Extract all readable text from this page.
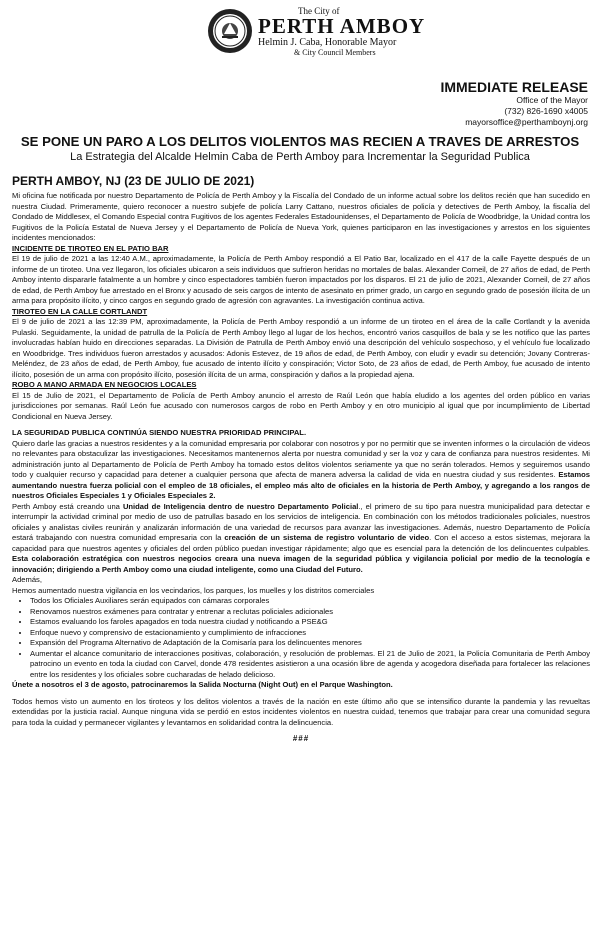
The City of
PERTH AMBOY
Helmin J. Caba, Honorable Mayor
& City Council Members
IMMEDIATE RELEASE
Office of the Mayor
(732) 826-1690 x4005
mayorsoffice@perthamboynj.org
SE PONE UN PARO A LOS DELITOS VIOLENTOS MAS RECIEN A TRAVES DE ARRESTOS
La Estrategia del Alcalde Helmin Caba de Perth Amboy para Incrementar la Seguridad Publica
PERTH AMBOY, NJ (23 DE JULIO DE 2021)

Mi oficina fue notificada por nuestro Departamento de Policía de Perth Amboy y la Fiscalía del Condado de un informe actual sobre los delitos recién que han sucedido en nuestra Ciudad. Primeramente, quiero reconocer a nuestro subjefe de policía Larry Cattano, nuestros oficiales de policía y detectives de Perth Amboy, la fiscalía del Condado de Middlesex, el Comando Especial contra Fugitivos de los agentes Federales Estadounidenses, el Departamento de Policía de Woodbridge, la Unidad contra los Fugitivos de la Policía Estatal de Nueva Jersey y el Departamento de Policía de Nueva York, quienes participaron en las investigaciones y arrestos en los siguientes incidentes mencionados:

INCIDENTE DE TIROTEO EN EL PATIO BAR

El 19 de julio de 2021 a las 12:40 A.M., aproximadamente, la Policía de Perth Amboy respondió a El Patio Bar, localizado en el 417 de la calle Fayette después de un informe de un tiroteo. Una vez llegaron, los oficiales ubicaron a seis individuos que sufrieron heridas no mortales de balas. Alexander Corneil, de 27 años de edad, de Perth Amboy intento dispararle fatalmente a un hombre y cinco espectadores también fueron impactados por los disparos. El 21 de julio de 2021, Alexander Corneil, de 27 años de edad, de Perth Amboy fue arrestado en el Bronx y acusado de seis cargos de intento de asesinato en primer grado, un cargo en segundo grado de posesión ilícita de un arma para propósito ilícito, y cinco cargos en segundo grado de agresión con agravantes. La investigación continua activa.

TIROTEO EN LA CALLE CORTLANDT

El 9 de julio de 2021 a las 12:39 PM, aproximadamente, la Policía de Perth Amboy respondió a un informe de un tiroteo en el área de la calle Cortlandt y la avenida Pulaski. Seguidamente, la unidad de patrulla de la Policía de Perth Amboy llego al lugar de los hechos, encontró varios casquillos de bala y se les notifico que las partes involucradas habían huido en direcciones separadas. La División de Patrulla de Perth Amboy envió una descripción del vehículo sospechoso, y el vehículo fue localizado en Woodbridge. Tres individuos fueron arrestados y acusados: Adonis Estevez, de 19 años de edad, de Perth Amboy, con eludir y evadir su detención; Jovany Contreras-Meléndez, de 23 años de edad, de Perth Amboy, fue acusado de intento ilícito y conspiración; Victor Soto, de 23 años de edad, de Perth Amboy, fue acusado de intento ilícito, posesión de un arma con propósito ilícito, posesión ilícita de un arma, conspiración y daños a la propiedad ajena.

ROBO A MANO ARMADA EN NEGOCIOS LOCALES

El 15 de Julio de 2021, el Departamento de Policía de Perth Amboy anuncio el arresto de Raúl León que había eludido a los agentes del orden público en varias jurisdicciones por semanas. Raúl León fue acusado con numerosos cargos de robo en Perth Amboy y en otro municipio al igual que por incumplimiento de Libertad Condicional en Nueva Jersey.

LA SEGURIDAD PUBLICA CONTINÚA SIENDO NUESTRA PRIORIDAD PRINCIPAL.

Quiero darle las gracias a nuestros residentes y a la comunidad empresaria por colaborar con nosotros y por no permitir que se inventen informes o la circulación de videos no relevantes para obstaculizar las investigaciones. Necesitamos mantenernos alerta por nuestra comunidad y ser la voz y cara de confianza para nuestros residentes. Mi administración junto al Departamento de Policía de Perth Amboy ha tomado estos delitos violentos seriamente ya que no serán tolerados. Hemos y seguiremos usando todo y cualquier recurso y capacidad para detener a cualquier persona que afecta de manera adversa la calidad de vida en nuestra ciudad y sus residentes. Estamos aumentando nuestra fuerza policial con el empleo de 18 oficiales, el empleo más alto de oficiales en la historia de Perth Amboy, y agregando a los rangos de nuestros Oficiales Especiales 1 y Oficiales Especiales 2.

Perth Amboy está creando una Unidad de Inteligencia dentro de nuestro Departamento Policial., el primero de su tipo para nuestra municipalidad para detectar e interrumpir la actividad criminal por medio de uso de patrullas basado en los servicios de inteligencia. En combinación con los métodos tradicionales policiales, nuestros oficiales y analistas civiles reunirán y analizarán información de una variedad de recursos para avanzar las investigaciones. Además, nuestro Departamento de Policía estará trabajando con nuestra comunidad empresaria con la creación de un sistema de registro voluntario de video. Con el acceso a estos sistemas, mejorara la capacidad para que nuestros agentes y oficiales del orden público puedan investigar rápidamente; algo que es esencial para la detención de los delincuentes culpables. Esta colaboración estratégica con nuestros negocios creara una nueva imagen de la seguridad pública y vigilancia policial por medio de la tecnología e innovación; dirigiendo a Perth Amboy como una ciudad inteligente, como una Ciudad del Futuro.

Además,

Hemos aumentado nuestra vigilancia en los vecindarios, los parques, los muelles y los distritos comerciales

• Todos los Oficiales Auxiliares serán equipados con cámaras corporales
• Renovamos nuestros exámenes para contratar y entrenar a reclutas policiales adicionales
• Estamos evaluando los faroles apagados en toda nuestra ciudad y notificando a PSE&G
• Enfoque nuevo y comprensivo de estacionamiento y cumplimiento de infracciones
• Expansión del Programa Alternativo de Adaptación de la Comisaría para los delincuentes menores
• Aumentar el alcance comunitario de interacciones positivas, colaboración, y resolución de problemas. El 21 de Julio de 2021, la Policía Comunitaria de Perth Amboy patrocino un evento en toda la ciudad con Carvel, donde 478 residentes asistieron a una ocasión libre de agenda y acogedora diseñada para fortalecer las relaciones entre los residentes y los oficiales sobre cucharadas de helado delicioso.

Únete a nosotros el 3 de agosto, patrocinaremos la Salida Nocturna (Night Out) en el Parque Washington.

Todos hemos visto un aumento en los tiroteos y los delitos violentos a través de la nación en este último año que se intensifico durante la pandemia y las revueltas extendidas por la justicia racial. Aunque ninguna vida se perdió en estos incidentes violentos en nuestra cuidad, tenemos que trabajar para crear una comunidad segura para toda la cuidad y permanecer vigilantes y levantarnos en solidaridad contra la delincuencia.

###
